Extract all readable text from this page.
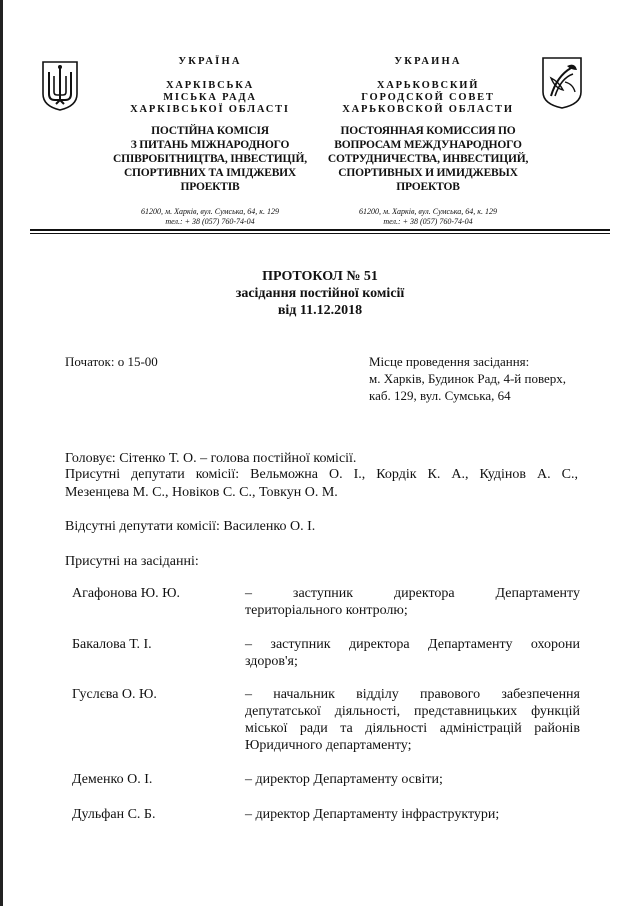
УКРАЇНА
ХАРКІВСЬКА
МІСЬКА РАДА
ХАРКІВСЬКОЇ ОБЛАСТІ
ПОСТІЙНА КОМІСІЯ
З ПИТАНЬ МІЖНАРОДНОГО
СПІВРОБІТНИЦТВА, ІНВЕСТИЦІЙ,
СПОРТИВНИХ ТА ІМІДЖЕВИХ
ПРОЕКТІВ
61200, м. Харків, вул. Сумська, 64, к. 129
тел.: + 38 (057) 760-74-04
УКРАИНА
ХАРЬКОВСКИЙ
ГОРОДСКОЙ СОВЕТ
ХАРЬКОВСКОЙ ОБЛАСТИ
ПОСТОЯННАЯ КОМИССИЯ ПО
ВОПРОСАМ МЕЖДУНАРОДНОГО
СОТРУДНИЧЕСТВА, ИНВЕСТИЦИЙ,
СПОРТИВНЫХ И ИМИДЖЕВЫХ
ПРОЕКТОВ
61200, м. Харків, вул. Сумська, 64, к. 129
тел.: + 38 (057) 760-74-04
ПРОТОКОЛ № 51
засідання постійної комісії
від 11.12.2018
Початок: о 15-00	Місце проведення засідання:
м. Харків, Будинок Рад, 4-й поверх,
каб. 129, вул. Сумська, 64
Головує: Сітенко Т. О. – голова постійної комісії.
Присутні депутати комісії: Вельможна О. І., Кордік К. А., Кудінов А. С.,
Мезенцева М. С., Новіков С. С., Товкун О. М.
Відсутні депутати комісії: Василенко О. І.
Присутні на засіданні:
Агафонова Ю. Ю.	– заступник директора Департаменту
територіального контролю;
Бакалова Т. І.	– заступник директора Департаменту охорони
здоров'я;
Гуслєва О. Ю.	– начальник відділу правового забезпечення
депутатської діяльності, представницьких функцій
міської ради та діяльності адміністрацій районів
Юридичного департаменту;
Деменко О. І.	– директор Департаменту освіти;
Дульфан С. Б.	– директор Департаменту інфраструктури;
